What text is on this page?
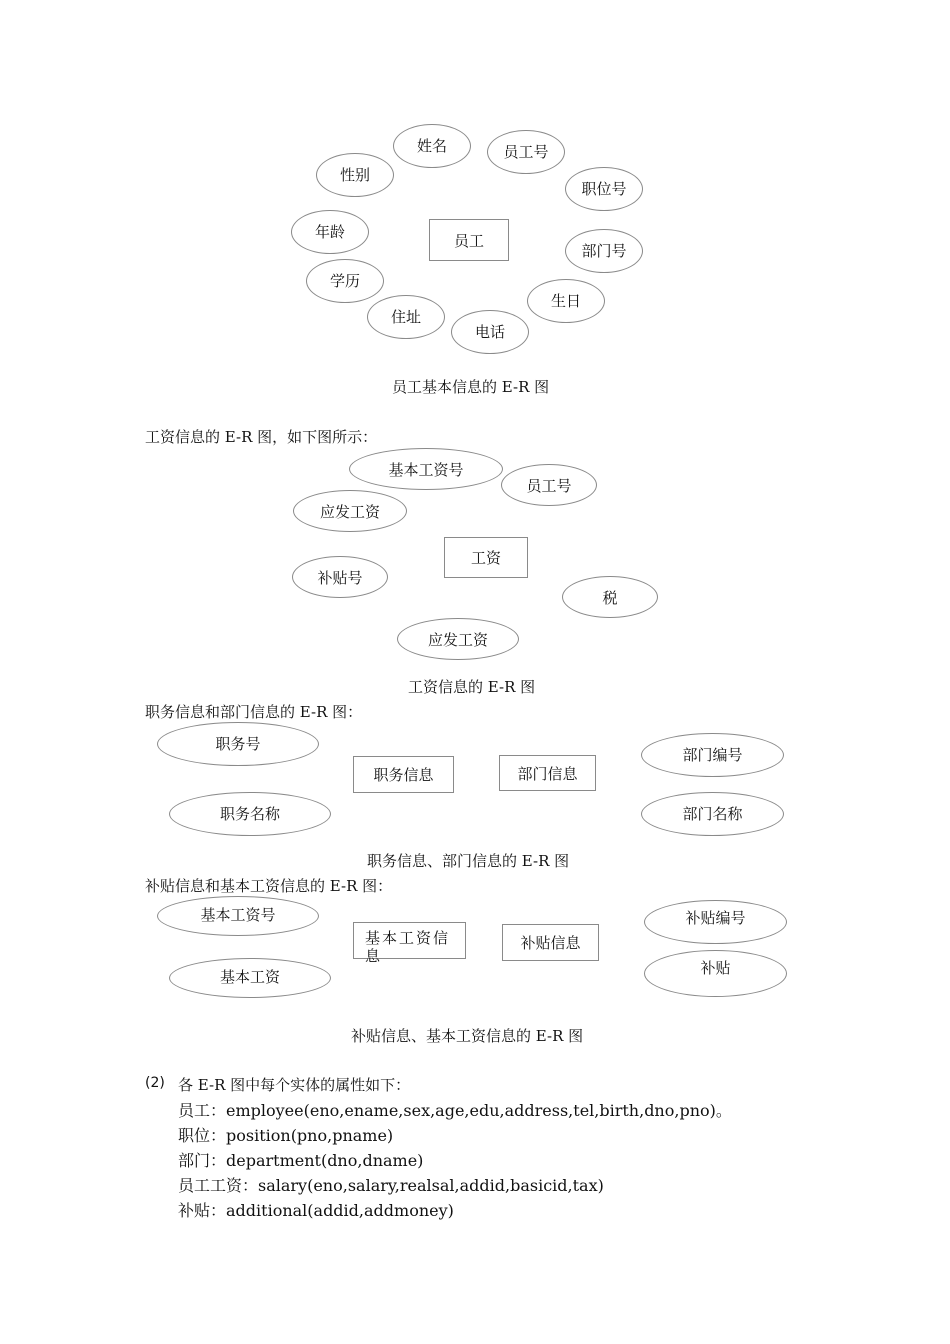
姓名	员工号
性别
职位号
年龄	员工
部门号
学历
生日
住址
电话
员工基本信息的 E-R 图
工资信息的 E-R 图，如下图所示：
基本工资号
员工号
应发工资
工资
补贴号
税
应发工资
工资信息的 E-R 图
职务信息和部门信息的 E-R 图：
职务号
部门编号
职务信息	部门信息
职务名称	部门名称
职务信息、部门信息的 E-R 图
补贴信息和基本工资信息的 E-R 图：
基本工资号	补贴编号
基本工资信息
补贴信息
基本工资	补贴
补贴信息、基本工资信息的 E-R 图
(2) 各 E-R 图中每个实体的属性如下：
员工：employee(eno,ename,sex,age,edu,address,tel,birth,dno,pno)。
职位：position(pno,pname)
部门：department(dno,dname)
员工工资：salary(eno,salary,realsal,addid,basicid,tax)
补贴：additional(addid,addmoney)
